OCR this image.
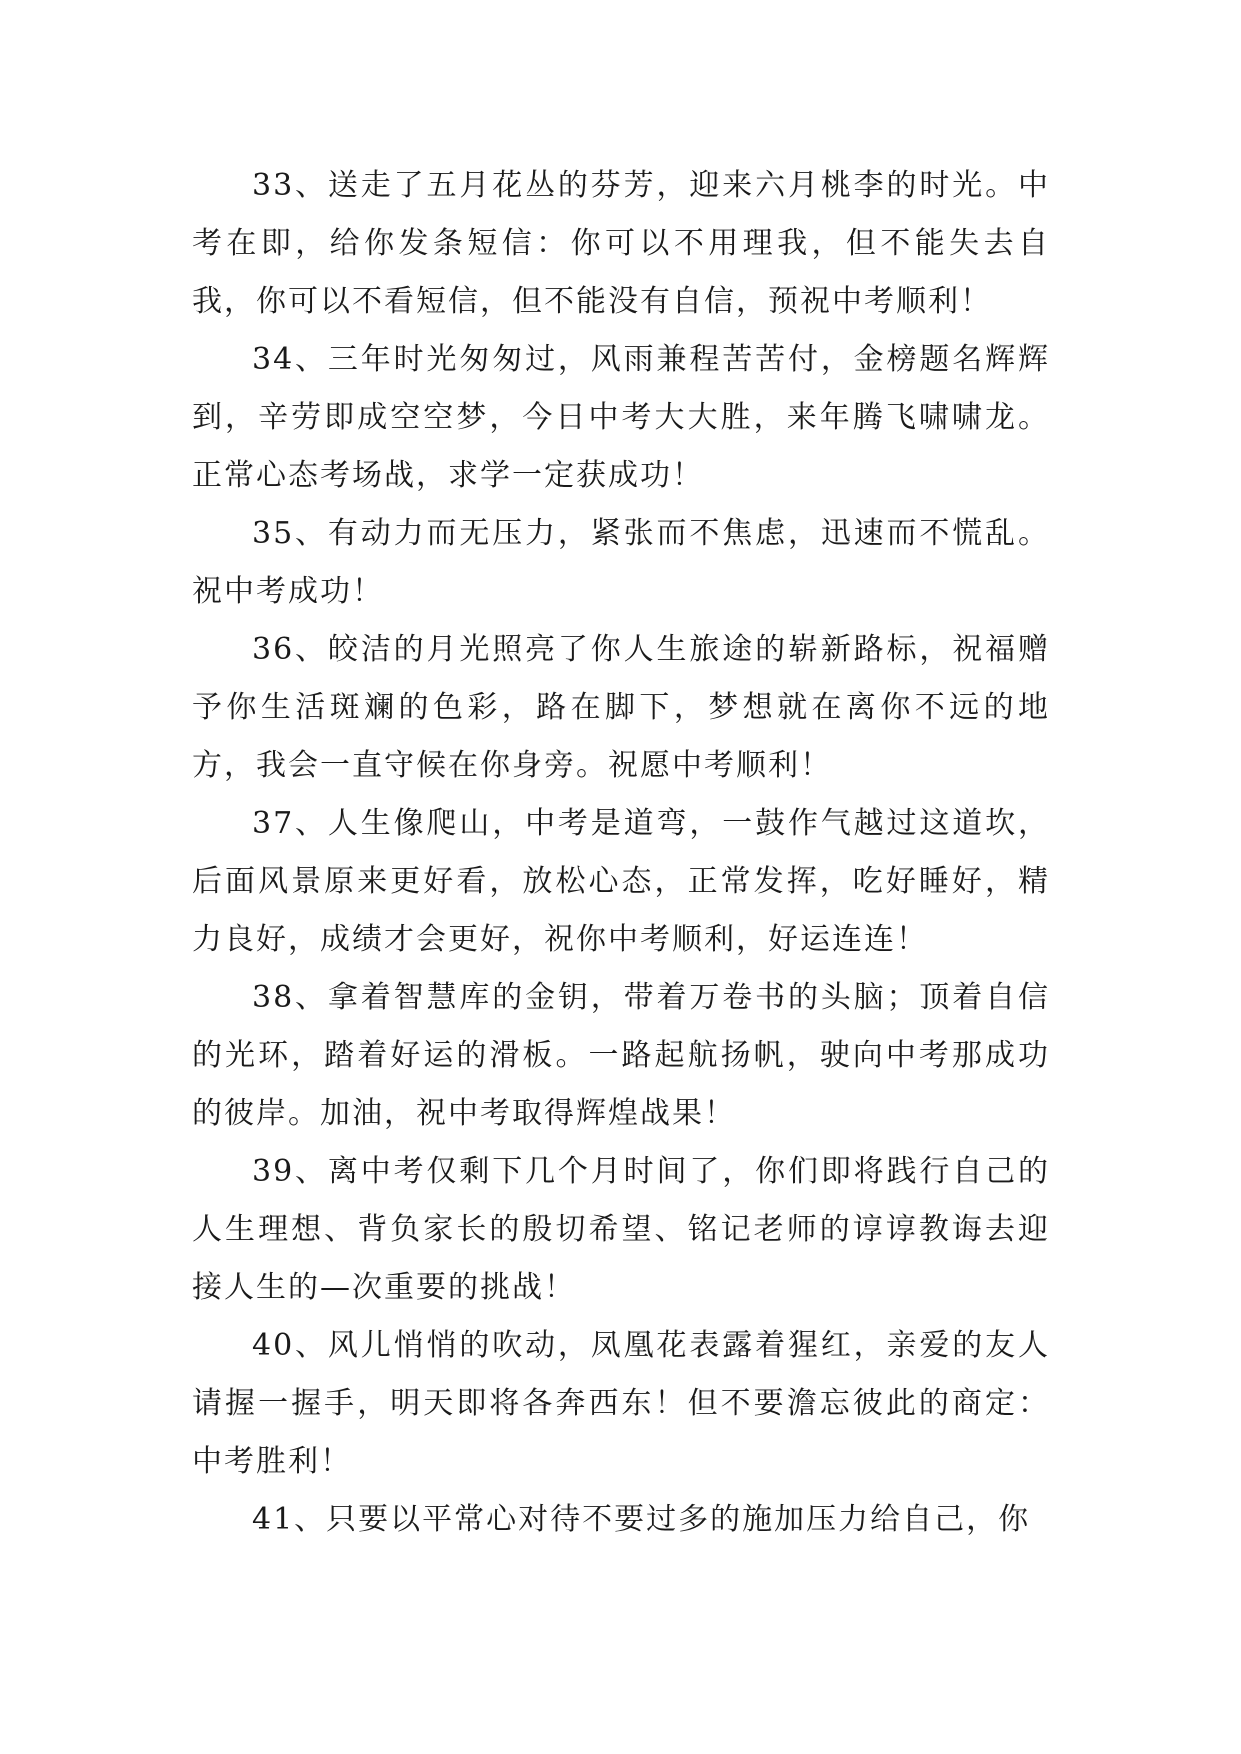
33、送走了五月花丛的芬芳，迎来六月桃李的时光。中考在即，给你发条短信：你可以不用理我，但不能失去自我，你可以不看短信，但不能没有自信，预祝中考顺利！

34、三年时光匆匆过，风雨兼程苦苦付，金榜题名辉辉到，辛劳即成空空梦，今日中考大大胜，来年腾飞啸啸龙。正常心态考场战，求学一定获成功！

35、有动力而无压力，紧张而不焦虑，迅速而不慌乱。祝中考成功！

36、皎洁的月光照亮了你人生旅途的崭新路标，祝福赠予你生活斑斓的色彩，路在脚下，梦想就在离你不远的地方，我会一直守候在你身旁。祝愿中考顺利！

37、人生像爬山，中考是道弯，一鼓作气越过这道坎，后面风景原来更好看，放松心态，正常发挥，吃好睡好，精力良好，成绩才会更好，祝你中考顺利，好运连连！

38、拿着智慧库的金钥，带着万卷书的头脑；顶着自信的光环，踏着好运的滑板。一路起航扬帆，驶向中考那成功的彼岸。加油，祝中考取得辉煌战果！

39、离中考仅剩下几个月时间了，你们即将践行自己的人生理想、背负家长的殷切希望、铭记老师的谆谆教诲去迎接人生的—次重要的挑战！

40、风儿悄悄的吹动，凤凰花表露着猩红，亲爱的友人请握一握手，明天即将各奔西东！但不要澹忘彼此的商定：中考胜利！

41、只要以平常心对待不要过多的施加压力给自己，你
